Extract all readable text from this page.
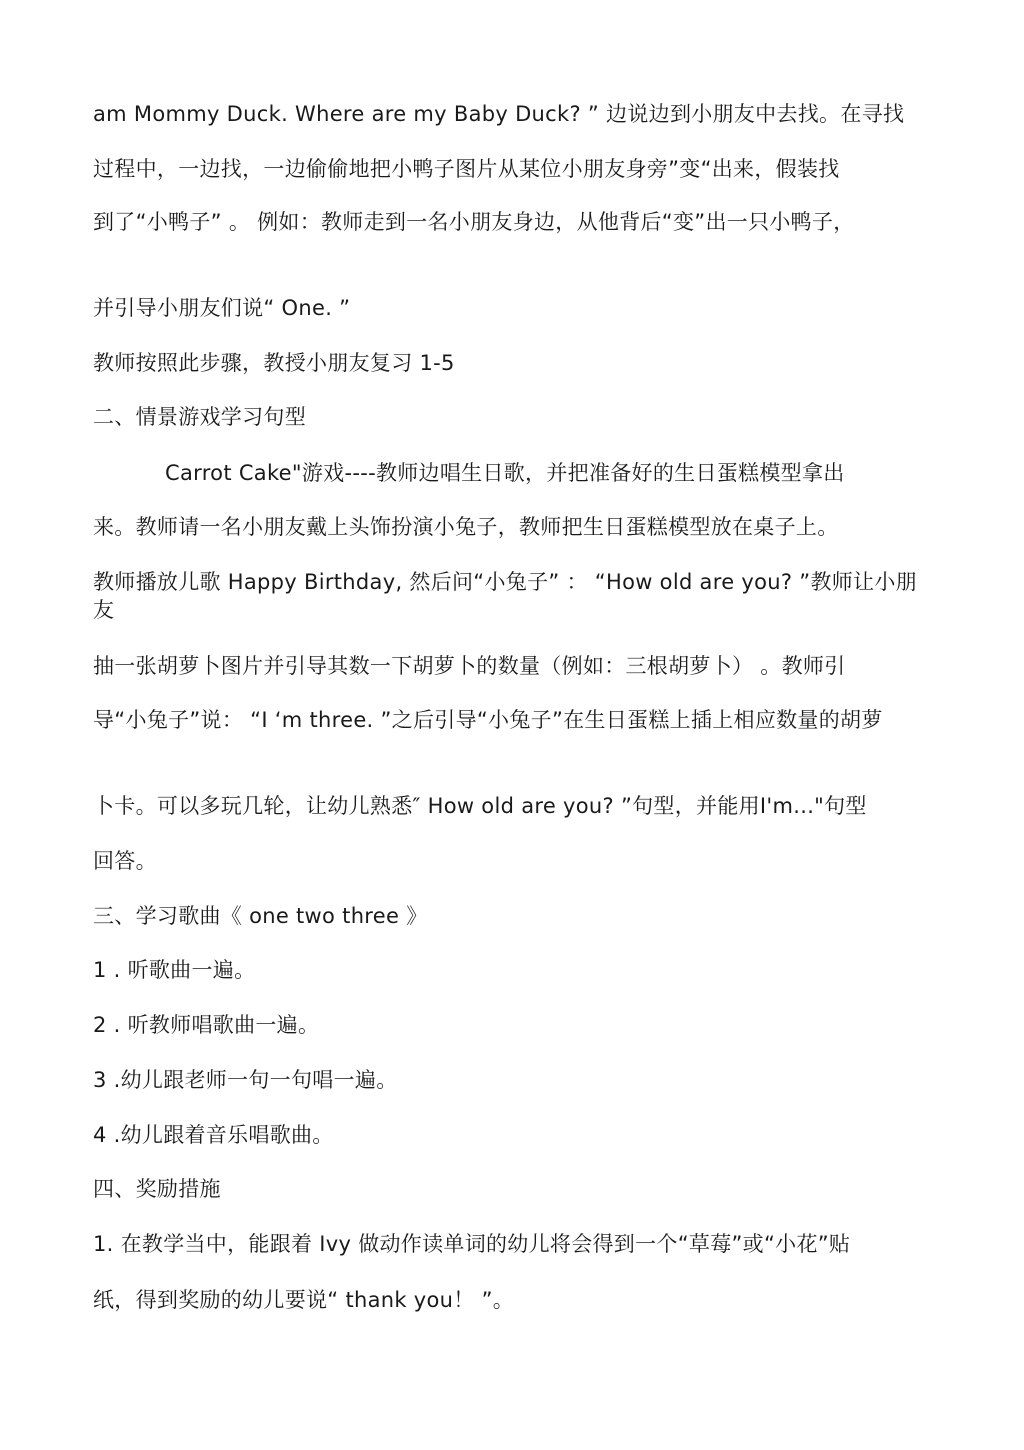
am Mommy Duck. Where are my Baby Duck? ” 边说边到小朋友中去找。在寻找
过程中，一边找，一边偷偷地把小鸭子图片从某位小朋友身旁”变“出来，假装找
到了“小鸭子” 。 例如：教师走到一名小朋友身边，从他背后“变”出一只小鸭子，
并引导小朋友们说“ One. ”
教师按照此步骤，教授小朋友复习 1-5
二、情景游戏学习句型
Carrot Cake"游戏----教师边唱生日歌，并把准备好的生日蛋糕模型拿出
来。教师请一名小朋友戴上头饰扮演小兔子，教师把生日蛋糕模型放在桌子上。
教师播放儿歌 Happy Birthday, 然后问“小兔子” ： “How old are you? ”教师让小朋友
抽一张胡萝卜图片并引导其数一下胡萝卜的数量（例如：三根胡萝卜） 。教师引
导“小兔子”说： “I ‘m three. ”之后引导“小兔子”在生日蛋糕上插上相应数量的胡萝
卜卡。可以多玩几轮，让幼儿熟悉″ How old are you? ”句型，并能用I'm..."句型
回答。
三、学习歌曲《 one two three 》
1 . 听歌曲一遍。
2 . 听教师唱歌曲一遍。
3 .幼儿跟老师一句一句唱一遍。
4 .幼儿跟着音乐唱歌曲。
四、奖励措施
1. 在教学当中，能跟着 Ivy 做动作读单词的幼儿将会得到一个“草莓”或“小花”贴
纸，得到奖励的幼儿要说“ thank you！ ”。
